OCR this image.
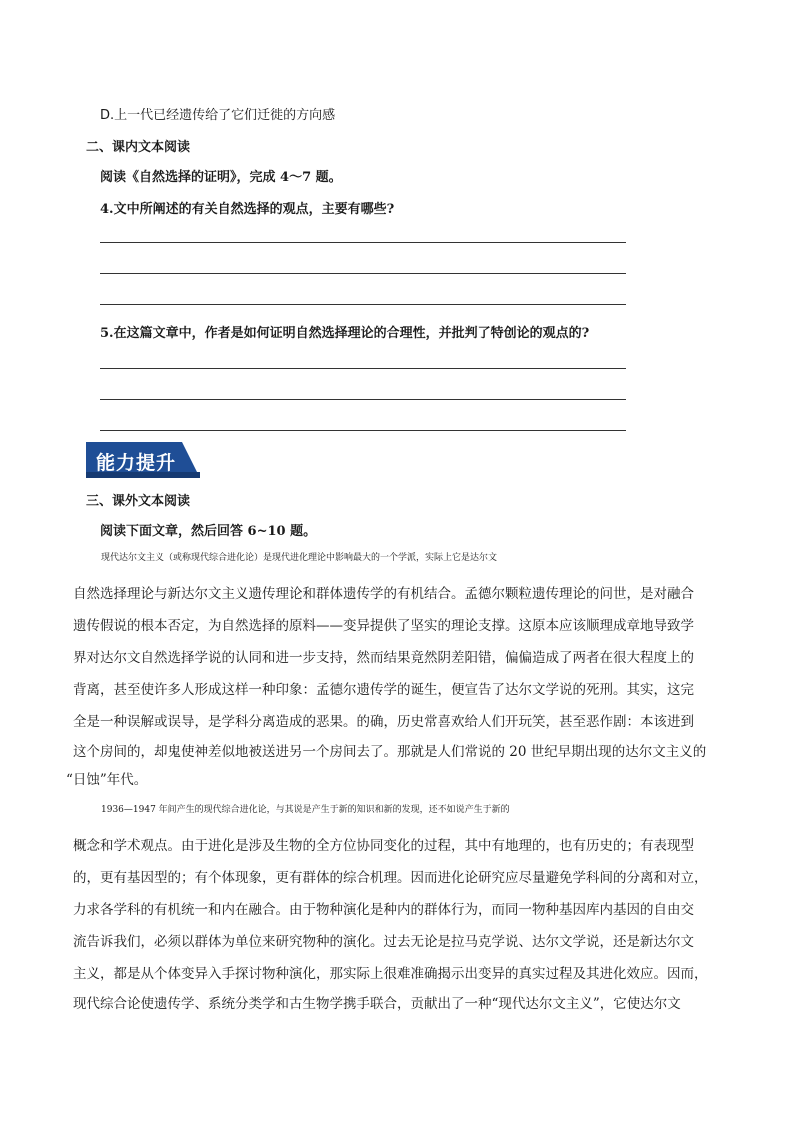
D.上一代已经遗传给了它们迁徙的方向感
二、课内文本阅读
阅读《自然选择的证明》，完成 4～7 题。
4.文中所阐述的有关自然选择的观点，主要有哪些?
5.在这篇文章中，作者是如何证明自然选择理论的合理性，并批判了特创论的观点的?
能力提升
三、课外文本阅读
阅读下面文章，然后回答 6~10 题。
现代达尔文主义（或称现代综合进化论）是现代进化理论中影响最大的一个学派，实际上它是达尔文
自然选择理论与新达尔文主义遗传理论和群体遗传学的有机结合。孟德尔颗粒遗传理论的问世，是对融合
遗传假说的根本否定，为自然选择的原料——变异提供了坚实的理论支撑。这原本应该顺理成章地导致学
界对达尔文自然选择学说的认同和进一步支持，然而结果竟然阴差阳错，偏偏造成了两者在很大程度上的
背离，甚至使许多人形成这样一种印象：孟德尔遗传学的诞生，便宣告了达尔文学说的死刑。其实，这完
全是一种误解或误导，是学科分离造成的恶果。的确，历史常喜欢给人们开玩笑，甚至恶作剧：本该进到
这个房间的，却鬼使神差似地被送进另一个房间去了。那就是人们常说的 20 世纪早期出现的达尔文主义的
“日蚀”年代。
1936—1947 年间产生的现代综合进化论，与其说是产生于新的知识和新的发现，还不如说产生于新的
概念和学术观点。由于进化是涉及生物的全方位协同变化的过程，其中有地理的，也有历史的；有表现型
的，更有基因型的；有个体现象，更有群体的综合机理。因而进化论研究应尽量避免学科间的分离和对立，
力求各学科的有机统一和内在融合。由于物种演化是种内的群体行为，而同一物种基因库内基因的自由交
流告诉我们，必须以群体为单位来研究物种的演化。过去无论是拉马克学说、达尔文学说，还是新达尔文
主义，都是从个体变异入手探讨物种演化，那实际上很难准确揭示出变异的真实过程及其进化效应。因而，
现代综合论使遗传学、系统分类学和古生物学携手联合，贡献出了一种“现代达尔文主义”，它使达尔文
